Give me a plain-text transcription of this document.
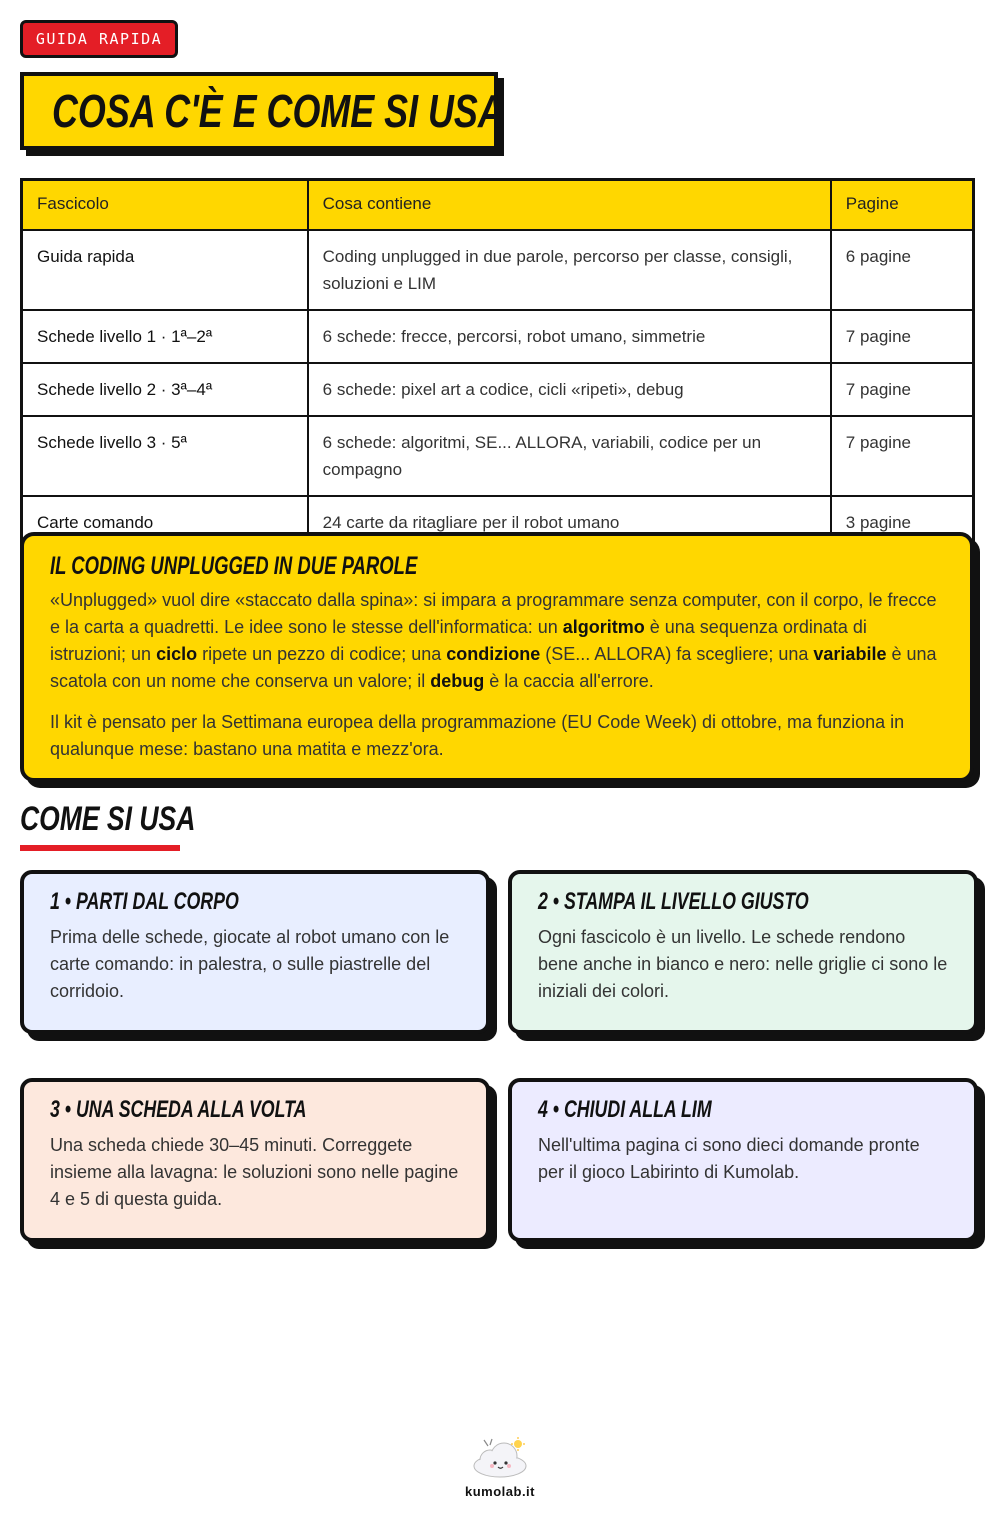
GUIDA RAPIDA
COSA C'È E COME SI USA
Fascicolo	Cosa contiene	Pagine
Guida rapida	Coding unplugged in due parole, percorso per classe, consigli, soluzioni e LIM	6 pagine
Schede livello 1 · 1ª–2ª	6 schede: frecce, percorsi, robot umano, simmetrie	7 pagine
Schede livello 2 · 3ª–4ª	6 schede: pixel art a codice, cicli «ripeti», debug	7 pagine
Schede livello 3 · 5ª	6 schede: algoritmi, SE... ALLORA, variabili, codice per un compagno	7 pagine
Carte comando	24 carte da ritagliare per il robot umano	3 pagine
IL CODING UNPLUGGED IN DUE PAROLE

«Unplugged» vuol dire «staccato dalla spina»: si impara a programmare senza computer, con il corpo, le frecce e la carta a quadretti. Le idee sono le stesse dell'informatica: un algoritmo è una sequenza ordinata di istruzioni; un ciclo ripete un pezzo di codice; una condizione (SE... ALLORA) fa scegliere; una variabile è una scatola con un nome che conserva un valore; il debug è la caccia all'errore.

Il kit è pensato per la Settimana europea della programmazione (EU Code Week) di ottobre, ma funziona in qualunque mese: bastano una matita e mezz'ora.

COME SI USA
1 • PARTI DAL CORPO

Prima delle schede, giocate al robot umano con le carte comando: in palestra, o sulle piastrelle del corridoio.

2 • STAMPA IL LIVELLO GIUSTO

Ogni fascicolo è un livello. Le schede rendono bene anche in bianco e nero: nelle griglie ci sono le iniziali dei colori.

3 • UNA SCHEDA ALLA VOLTA

Una scheda chiede 30–45 minuti. Correggete insieme alla lavagna: le soluzioni sono nelle pagine 4 e 5 di questa guida.

4 • CHIUDI ALLA LIM

Nell'ultima pagina ci sono dieci domande pronte per il gioco Labirinto di Kumolab.

kumolab.it
